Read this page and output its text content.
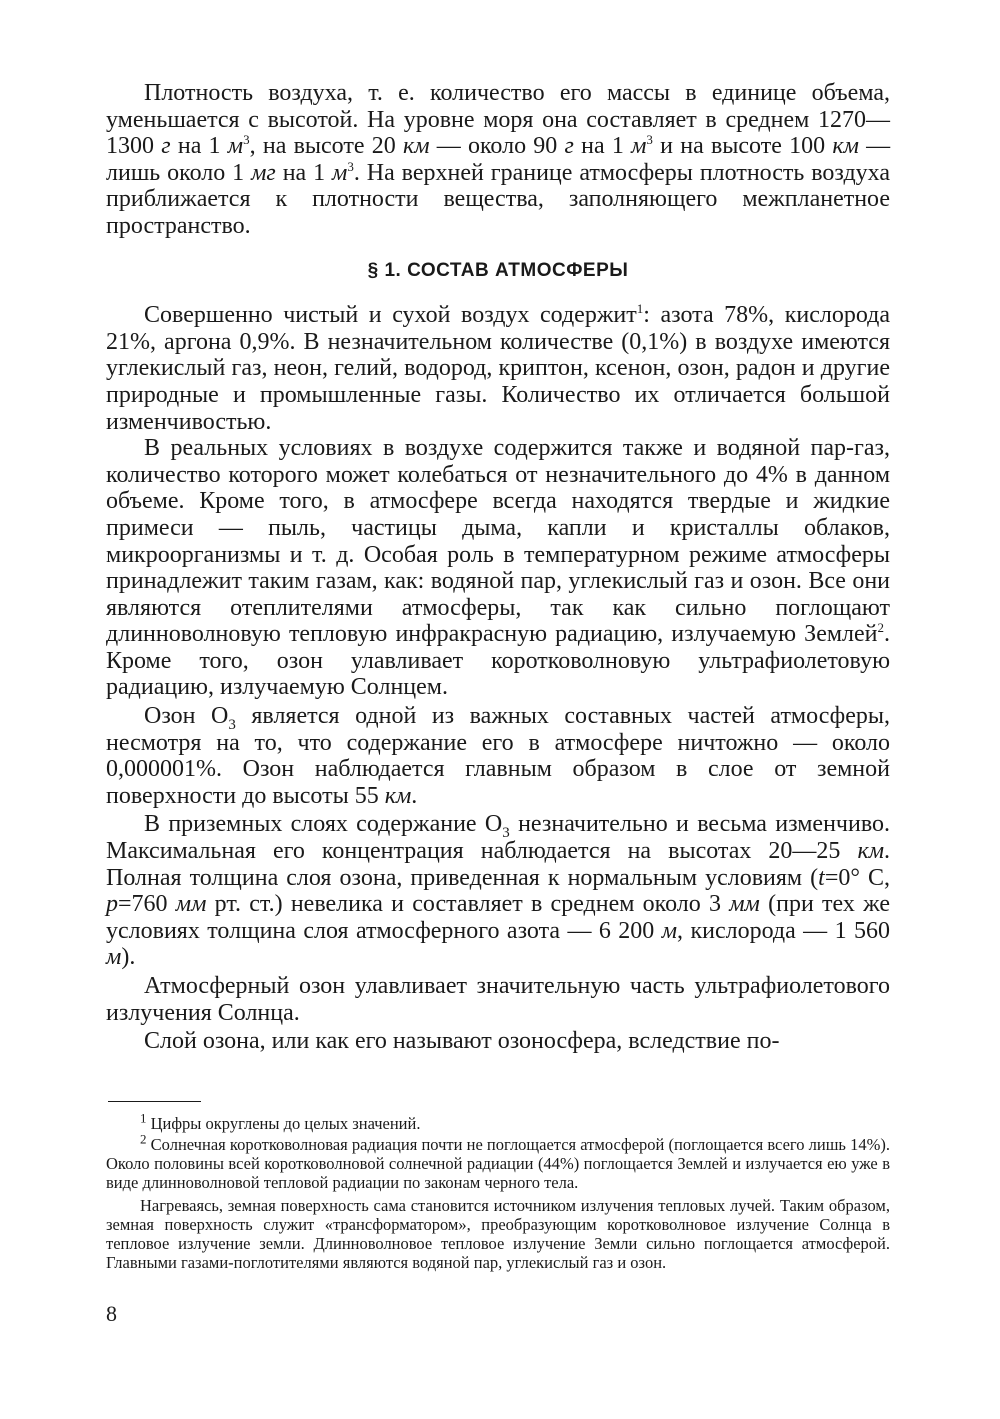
Плотность воздуха, т. е. количество его массы в единице объема, уменьшается с высотой. На уровне моря она составляет в среднем 1270—1300 г на 1 $м^3$, на высоте 20 км — около 90 г на 1 $м^3$ и на высоте 100 км — лишь около 1 мг на 1 $м^3$. На верхней границе атмосферы плотность воздуха приближается к плотности вещества, заполняющего межпланетное пространство.

§ 1. СОСТАВ АТМОСФЕРЫ

Совершенно чистый и сухой воздух содержит$^1$: азота 78%, кислорода 21%, аргона 0,9%. В незначительном количестве (0,1%) в воздухе имеются углекислый газ, неон, гелий, водород, криптон, ксенон, озон, радон и другие природные и промышленные газы. Количество их отличается большой изменчивостью.

В реальных условиях в воздухе содержится также и водяной пар-газ, количество которого может колебаться от незначительного до 4% в данном объеме. Кроме того, в атмосфере всегда находятся твердые и жидкие примеси — пыль, частицы дыма, капли и кристаллы облаков, микроорганизмы и т. д. Особая роль в температурном режиме атмосферы принадлежит таким газам, как: водяной пар, углекислый газ и озон. Все они являются отеплителями атмосферы, так как сильно поглощают длинноволновую тепловую инфракрасную радиацию, излучаемую Землей$^2$. Кроме того, озон улавливает коротковолновую ультрафиолетовую радиацию, излучаемую Солнцем.

Озон $O_3$ является одной из важных составных частей атмосферы, несмотря на то, что содержание его в атмосфере ничтожно — около 0,000001%. Озон наблюдается главным образом в слое от земной поверхности до высоты 55 км.

В приземных слоях содержание $O_3$ незначительно и весьма изменчиво. Максимальная его концентрация наблюдается на высотах 20—25 км. Полная толщина слоя озона, приведенная к нормальным условиям (t=0° C, p=760 мм рт. ст.) невелика и составляет в среднем около 3 мм (при тех же условиях толщина слоя атмосферного азота — 6 200 м, кислорода — 1 560 м).

Атмосферный озон улавливает значительную часть ультрафиолетового излучения Солнца.

Слой озона, или как его называют озоносфера, вследствие по-

$^1$ Цифры округлены до целых значений.

$^2$ Солнечная коротковолновая радиация почти не поглощается атмосферой (поглощается всего лишь 14%). Около половины всей коротковолновой солнечной радиации (44%) поглощается Землей и излучается ею уже в виде длинноволновой тепловой радиации по законам черного тела.

Нагреваясь, земная поверхность сама становится источником излучения тепловых лучей. Таким образом, земная поверхность служит «трансформатором», преобразующим коротковолновое излучение Солнца в тепловое излучение земли. Длинноволновое тепловое излучение Земли сильно поглощается атмосферой. Главными газами-поглотителями являются водяной пар, углекислый газ и озон.

8
